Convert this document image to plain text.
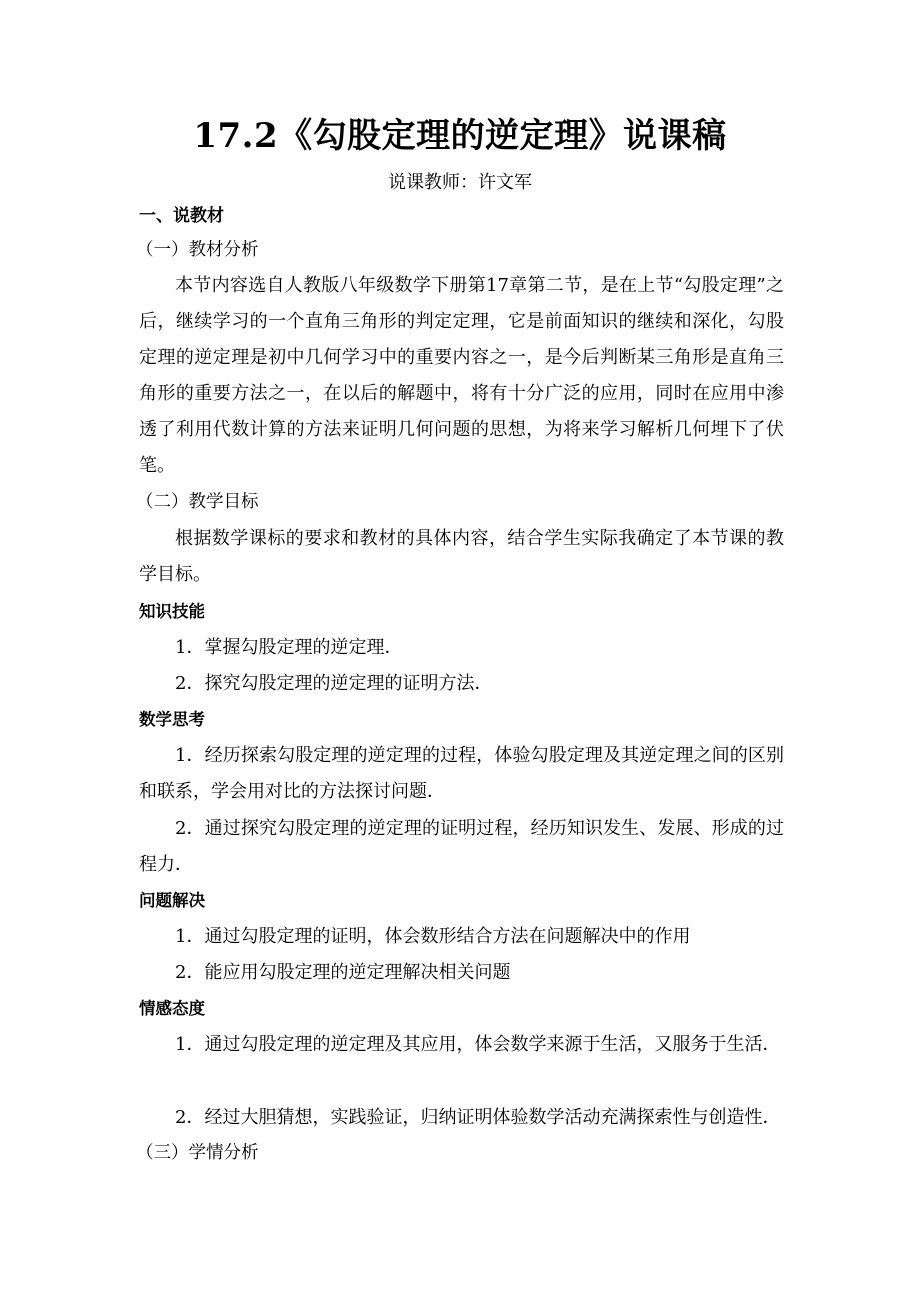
17.2《勾股定理的逆定理》说课稿
说课教师：许文军
一、说教材
（一）教材分析
本节内容选自人教版八年级数学下册第17章第二节，是在上节“勾股定理”之后，继续学习的一个直角三角形的判定定理，它是前面知识的继续和深化，勾股定理的逆定理是初中几何学习中的重要内容之一，是今后判断某三角形是直角三角形的重要方法之一，在以后的解题中，将有十分广泛的应用，同时在应用中渗透了利用代数计算的方法来证明几何问题的思想，为将来学习解析几何埋下了伏笔。
（二）教学目标
根据数学课标的要求和教材的具体内容，结合学生实际我确定了本节课的教学目标。
知识技能
1．掌握勾股定理的逆定理．
2．探究勾股定理的逆定理的证明方法．
数学思考
1．经历探索勾股定理的逆定理的过程，体验勾股定理及其逆定理之间的区别和联系，学会用对比的方法探讨问题．
2．通过探究勾股定理的逆定理的证明过程，经历知识发生、发展、形成的过程力．
问题解决
1．通过勾股定理的证明，体会数形结合方法在问题解决中的作用
2．能应用勾股定理的逆定理解决相关问题
情感态度
1．通过勾股定理的逆定理及其应用，体会数学来源于生活，又服务于生活．
2．经过大胆猜想，实践验证，归纳证明体验数学活动充满探索性与创造性．
（三）学情分析
